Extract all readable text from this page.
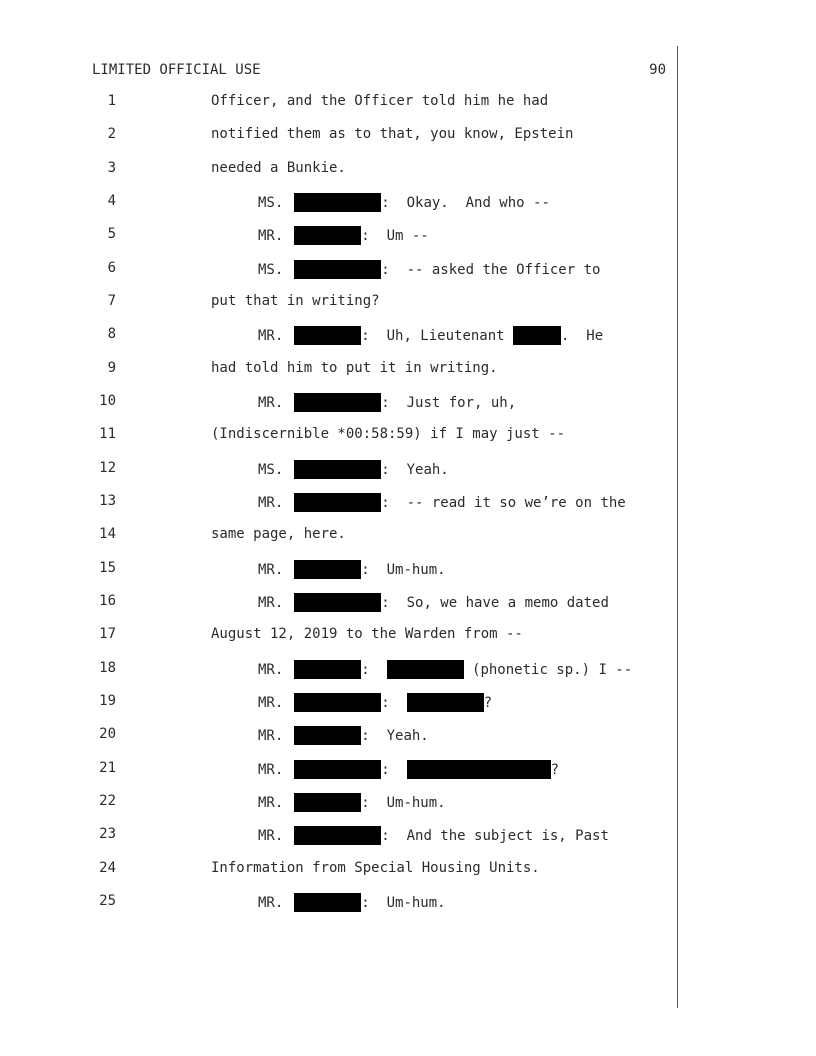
LIMITED OFFICIAL USE	90

1

	Officer, and the Officer told him he had

2

	notified them as to that, you know, Epstein

3

	needed a Bunkie.

4

	MS.	:  Okay.  And who --

5

	MR.	:  Um --

6

	MS.	:  -- asked the Officer to

7

	put that in writing?

8

	MR.	:  Uh, Lieutenant	.  He

9

	had told him to put it in writing.

10

	MR.	:  Just for, uh,

11

	(Indiscernible *00:58:59) if I may just --

12

	MS.	:  Yeah.

13

	MR.	:  -- read it so we’re on the

14

	same page, here.

15

	MR.	:  Um-hum.

16

	MR.	:  So, we have a memo dated

17

	August 12, 2019 to the Warden from --

18

	MR.	:	(phonetic sp.) I --

19

	MR.	:	?

20

	MR.	:  Yeah.

21

	MR.	:	?

22

	MR.	:  Um-hum.

23

	MR.	:  And the subject is, Past

24

	Information from Special Housing Units.

25

	MR.	:  Um-hum.
